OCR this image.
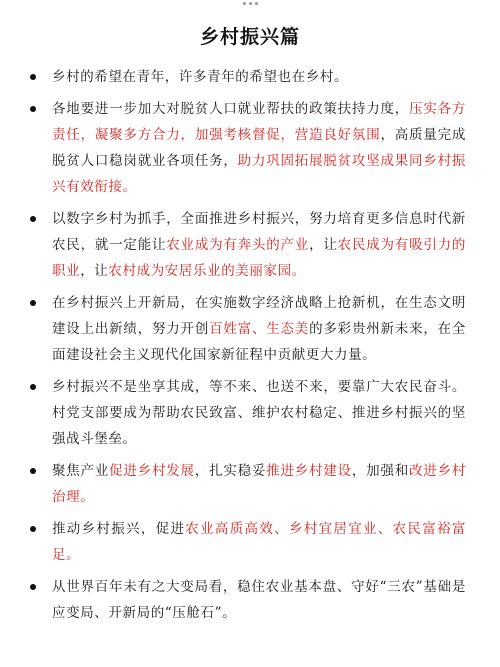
乡村振兴篇
乡村的希望在青年，许多青年的希望也在乡村。
各地要进一步加大对脱贫人口就业帮扶的政策扶持力度，压实各方责任，凝聚多方合力，加强考核督促，营造良好氛围，高质量完成脱贫人口稳岗就业各项任务，助力巩固拓展脱贫攻坚成果同乡村振兴有效衔接。
以数字乡村为抓手，全面推进乡村振兴，努力培育更多信息时代新农民，就一定能让农业成为有奔头的产业，让农民成为有吸引力的职业，让农村成为安居乐业的美丽家园。
在乡村振兴上开新局，在实施数字经济战略上抢新机，在生态文明建设上出新绩，努力开创百姓富、生态美的多彩贵州新未来，在全面建设社会主义现代化国家新征程中贡献更大力量。
乡村振兴不是坐享其成，等不来、也送不来，要靠广大农民奋斗。村党支部要成为帮助农民致富、维护农村稳定、推进乡村振兴的坚强战斗堡垒。
聚焦产业促进乡村发展，扎实稳妥推进乡村建设，加强和改进乡村治理。
推动乡村振兴，促进农业高质高效、乡村宜居宜业、农民富裕富足。
从世界百年未有之大变局看，稳住农业基本盘、守好“三农”基础是应变局、开新局的“压舱石”。
